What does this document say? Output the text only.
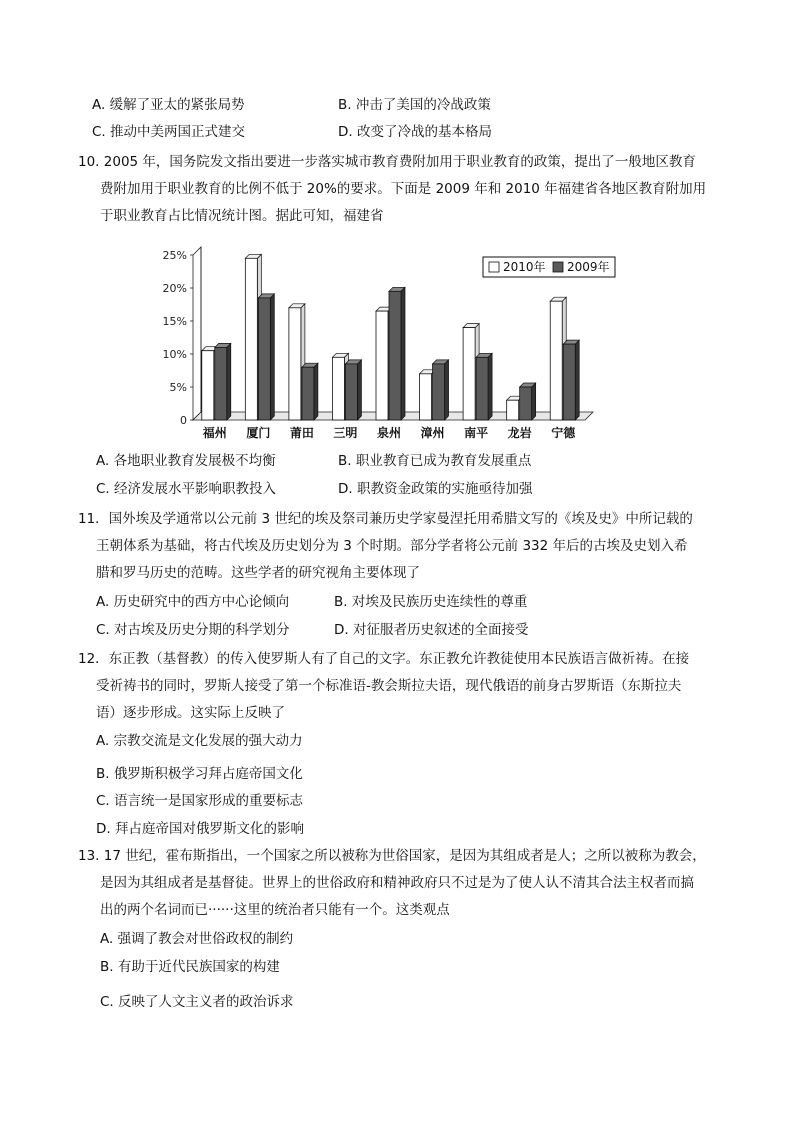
A. 缓解了亚太的紧张局势	B. 冲击了美国的冷战政策
C. 推动中美两国正式建交	D. 改变了冷战的基本格局
10. 2005 年，国务院发文指出要进一步落实城市教育费附加用于职业教育的政策，提出了一般地区教育
费附加用于职业教育的比例不低于 20%的要求。下面是 2009 年和 2010 年福建省各地区教育附加用
于职业教育占比情况统计图。据此可知，福建省
0
5%
10%
15%
20%
25%
福州 厦门 莆田 三明 泉州 漳州 南平 龙岩 宁德
2010年 2009年
A. 各地职业教育发展极不均衡	B. 职业教育已成为教育发展重点
C. 经济发展水平影响职教投入	D. 职教资金政策的实施亟待加强
11．国外埃及学通常以公元前 3 世纪的埃及祭司兼历史学家曼涅托用希腊文写的《埃及史》中所记载的
王朝体系为基础，将古代埃及历史划分为 3 个时期。部分学者将公元前 332 年后的古埃及史划入希
腊和罗马历史的范畴。这些学者的研究视角主要体现了
A. 历史研究中的西方中心论倾向	B. 对埃及民族历史连续性的尊重
C. 对古埃及历史分期的科学划分	D. 对征服者历史叙述的全面接受
12．东正教（基督教）的传入使罗斯人有了自己的文字。东正教允许教徒使用本民族语言做祈祷。在接
受祈祷书的同时，罗斯人接受了第一个标准语-教会斯拉夫语，现代俄语的前身古罗斯语（东斯拉夫
语）逐步形成。这实际上反映了
A. 宗教交流是文化发展的强大动力
B. 俄罗斯积极学习拜占庭帝国文化
C. 语言统一是国家形成的重要标志
D. 拜占庭帝国对俄罗斯文化的影响
13. 17 世纪，霍布斯指出，一个国家之所以被称为世俗国家，是因为其组成者是人；之所以被称为教会，
是因为其组成者是基督徒。世界上的世俗政府和精神政府只不过是为了使人认不清其合法主权者而搞
出的两个名词而已······这里的统治者只能有一个。这类观点
A. 强调了教会对世俗政权的制约
B. 有助于近代民族国家的构建
C. 反映了人文主义者的政治诉求
